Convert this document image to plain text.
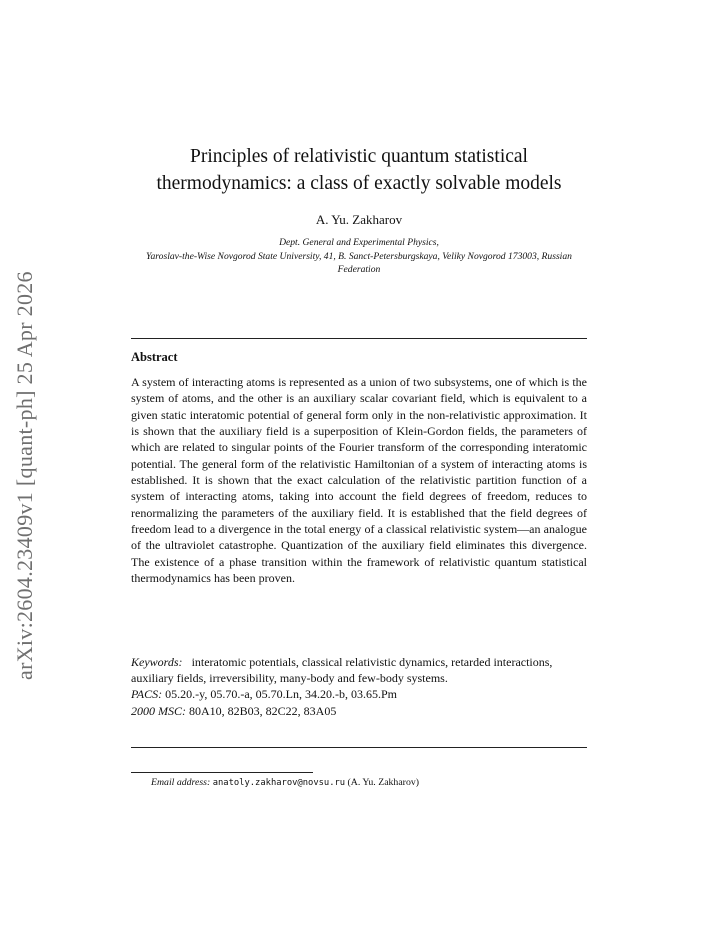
arXiv:2604.23409v1 [quant-ph] 25 Apr 2026
Principles of relativistic quantum statistical
thermodynamics: a class of exactly solvable models
A. Yu. Zakharov
Dept. General and Experimental Physics,
Yaroslav-the-Wise Novgorod State University, 41, B. Sanct-Petersburgskaya, Veliky Novgorod 173003, Russian Federation
Abstract
A system of interacting atoms is represented as a union of two subsystems, one of which is the system of atoms, and the other is an auxiliary scalar covariant field, which is equivalent to a given static interatomic potential of general form only in the non-relativistic approximation. It is shown that the auxiliary field is a superposition of Klein-Gordon fields, the parameters of which are related to singular points of the Fourier transform of the corresponding interatomic potential. The general form of the relativistic Hamiltonian of a system of interacting atoms is established. It is shown that the exact calculation of the relativistic partition function of a system of interacting atoms, taking into account the field degrees of freedom, reduces to renormalizing the parameters of the auxiliary field. It is established that the field degrees of freedom lead to a divergence in the total energy of a classical relativistic system—an analogue of the ultraviolet catastrophe. Quantization of the auxiliary field eliminates this divergence. The existence of a phase transition within the framework of relativistic quantum statistical thermodynamics has been proven.

Keywords: interatomic potentials, classical relativistic dynamics, retarded interactions, auxiliary fields, irreversibility, many-body and few-body systems.

PACS: 05.20.-y, 05.70.-a, 05.70.Ln, 34.20.-b, 03.65.Pm

2000 MSC: 80A10, 82B03, 82C22, 83A05

Email address: anatoly.zakharov@novsu.ru (A. Yu. Zakharov)
